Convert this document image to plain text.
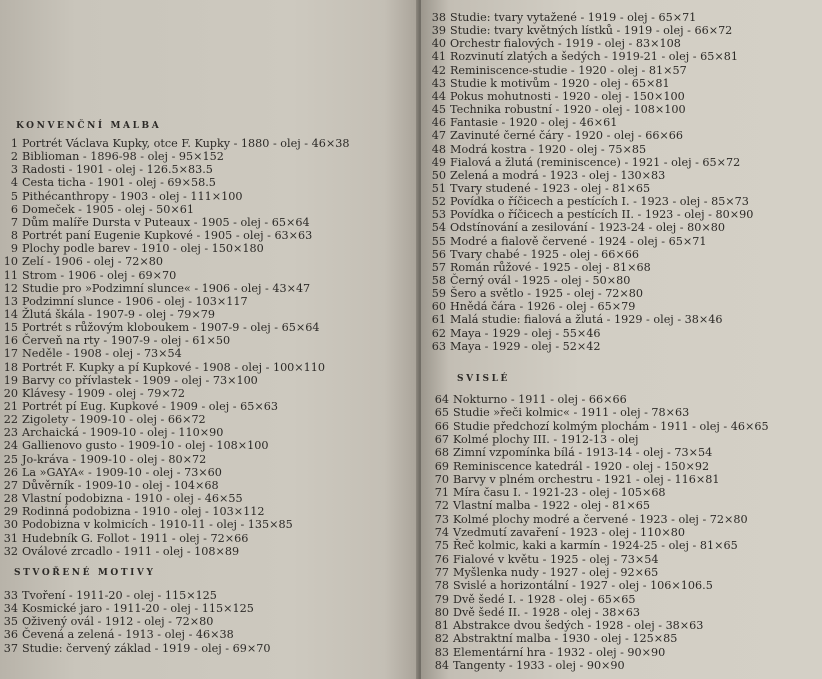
KONVENČNÍ MALBA
1 Portrét Václava Kupky, otce F. Kupky - 1880 - olej - 46×38
2 Biblioman - 1896-98 - olej - 95×152
3 Radosti - 1901 - olej - 126.5×83.5
4 Cesta ticha - 1901 - olej - 69×58.5
5 Pithécanthropy - 1903 - olej - 111×100
6 Domeček - 1905 - olej - 50×61
7 Dům malíře Dursta v Puteaux - 1905 - olej - 65×64
8 Portrét paní Eugenie Kupkové - 1905 - olej - 63×63
9 Plochy podle barev - 1910 - olej - 150×180
10 Zelí - 1906 - olej - 72×80
11 Strom - 1906 - olej - 69×70
12 Studie pro »Podzimní slunce« - 1906 - olej - 43×47
13 Podzimní slunce - 1906 - olej - 103×117
14 Žlutá škála - 1907-9 - olej - 79×79
15 Portrét s růžovým kloboukem - 1907-9 - olej - 65×64
16 Červeň na rty - 1907-9 - olej - 61×50
17 Neděle - 1908 - olej - 73×54
18 Portrét F. Kupky a pí Kupkové - 1908 - olej - 100×110
19 Barvy co přívlastek - 1909 - olej - 73×100
20 Klávesy - 1909 - olej - 79×72
21 Portrét pí Eug. Kupkové - 1909 - olej - 65×63
22 Zigolety - 1909-10 - olej - 66×72
23 Archaická - 1909-10 - olej - 110×90
24 Gallienovo gusto - 1909-10 - olej - 108×100
25 Jo-kráva - 1909-10 - olej - 80×72
26 La »GAYA« - 1909-10 - olej - 73×60
27 Důvěrník - 1909-10 - olej - 104×68
28 Vlastní podobizna - 1910 - olej - 46×55
29 Rodinná podobizna - 1910 - olej - 103×112
30 Podobizna v kolmicích - 1910-11 - olej - 135×85
31 Hudebník G. Follot - 1911 - olej - 72×66
32 Oválové zrcadlo - 1911 - olej - 108×89
STVOŘENÉ MOTIVY
33 Tvoření - 1911-20 - olej - 115×125
34 Kosmické jaro - 1911-20 - olej - 115×125
35 Oživený ovál - 1912 - olej - 72×80
36 Čevená a zelená - 1913 - olej - 46×38
37 Studie: červený základ - 1919 - olej - 69×70
38 Studie: tvary vytažené - 1919 - olej - 65×71
39 Studie: tvary květných lístků - 1919 - olej - 66×72
40 Orchestr fialových - 1919 - olej - 83×108
41 Rozvinutí zlatých a šedých - 1919-21 - olej - 65×81
42 Reminiscence-studie - 1920 - olej - 81×57
43 Studie k motivům - 1920 - olej - 65×81
44 Pokus mohutnosti - 1920 - olej - 150×100
45 Technika robustní - 1920 - olej - 108×100
46 Fantasie - 1920 - olej - 46×61
47 Zavinuté černé čáry - 1920 - olej - 66×66
48 Modrá kostra - 1920 - olej - 75×85
49 Fialová a žlutá (reminiscence) - 1921 - olej - 65×72
50 Zelená a modrá - 1923 - olej - 130×83
51 Tvary studené - 1923 - olej - 81×65
52 Povídka o říčicech a pestících I. - 1923 - olej - 85×73
53 Povídka o říčicech a pestících II. - 1923 - olej - 80×90
54 Odstínování a zesilování - 1923-24 - olej - 80×80
55 Modré a fialově červené - 1924 - olej - 65×71
56 Tvary chabé - 1925 - olej - 66×66
57 Román růžové - 1925 - olej - 81×68
58 Černý ovál - 1925 - olej - 50×80
59 Šero a světlo - 1925 - olej - 72×80
60 Hnědá čára - 1926 - olej - 65×79
61 Malá studie: fialová a žlutá - 1929 - olej - 38×46
62 Maya - 1929 - olej - 55×46
63 Maya - 1929 - olej - 52×42
SVISLÉ
64 Nokturno - 1911 - olej - 66×66
65 Studie »řeči kolmic« - 1911 - olej - 78×63
66 Studie předchozí kolmým plochám - 1911 - olej - 46×65
67 Kolmé plochy III. - 1912-13 - olej
68 Zimní vzpomínka bílá - 1913-14 - olej - 73×54
69 Reminiscence katedrál - 1920 - olej - 150×92
70 Barvy v plném orchestru - 1921 - olej - 116×81
71 Míra času I. - 1921-23 - olej - 105×68
72 Vlastní malba - 1922 - olej - 81×65
73 Kolmé plochy modré a červené - 1923 - olej - 72×80
74 Vzedmutí zavaření - 1923 - olej - 110×80
75 Řeč kolmic, kaki a karmín - 1924-25 - olej - 81×65
76 Fialové v květu - 1925 - olej - 73×54
77 Myšlenka nudy - 1927 - olej - 92×65
78 Svislé a horizontální - 1927 - olej - 106×106.5
79 Dvě šedé I. - 1928 - olej - 65×65
80 Dvě šedé II. - 1928 - olej - 38×63
81 Abstrakce dvou šedých - 1928 - olej - 38×63
82 Abstraktní malba - 1930 - olej - 125×85
83 Elementární hra - 1932 - olej - 90×90
84 Tangenty - 1933 - olej - 90×90
